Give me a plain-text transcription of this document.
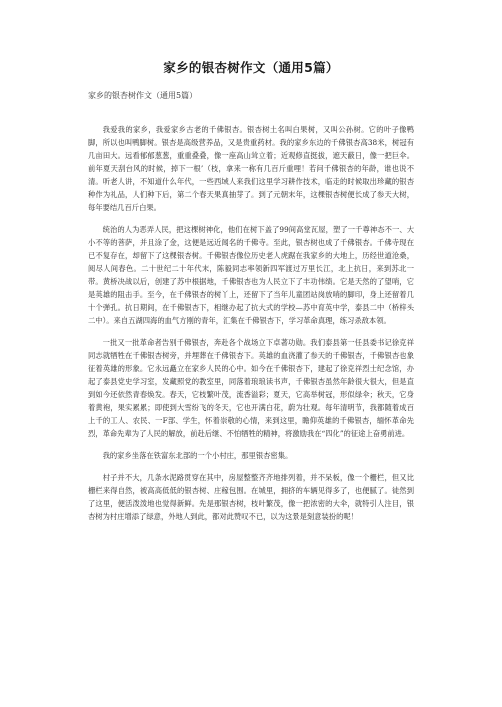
家乡的银杏树作文（通用5篇）
家乡的银杏树作文（通用5篇）

我爱我的家乡，我爱家乡古老的千佛银杏。银杏树土名叫白果树，又叫公孙树。它的叶子像鸭脚，所以也叫鸭脚树。银杏是高级营养品，又是贵重药材。我的家乡东边的千佛银杏高38米，树冠有几亩田大。远看郁郁葱葱，重重叠叠，像一座高山耸立着；近观修直挺拔，遮天蔽日，像一把巨伞。前年夏天刮台风的时候，掉下一根’（枝，拿来一称有几百斤重哩！若问千佛银杏的年龄，谁也说不清。听老人讲，不知道什么年代，一些西域人来我们这里学习耕作技术，临走的时候取出珍藏的银杏种作为礼品，人们种下后，第二个春天果真抽芽了。到了元朝末年，这棵银杏树便长成了参天大树，每年要结几百斤白果。

统治的人为恶弄人民，把这棵树神化，他们在树下盖了99间高堂瓦屋，塑了一千尊神态不一、大小不等的菩萨，并且涂了金，这便是远近闻名的千佛寺。至此，银杏树也成了千佛银杏。千佛寺现在已不复存在，却留下了这棵银杏树。千佛银杏像位历史老人虎踞在我家乡的大地上，历经世道沧桑，阅尽人间春色。二十世纪二十年代末，陈毅同志率领新四军渡过万里长江，北上抗日，来到苏北一带。黄桥决战以后，创建了苏中根据地，千佛银杏也为人民立下了丰功伟绩。它是天然的了望哨，它是英雄的阻击手。至今，在千佛银杏的树丫上，还留下了当年儿童团站岗放哨的脚印，身上还留着几十个弹孔。抗日期间，在千佛银杏下，相继办起了抗大式的学校—苏中育英中学，泰县二中（桥梓头二中）。来自五湖四海的血气方刚的青年，汇集在千佛银杏下，学习革命真理，练习杀敌本领。

一批又一批革命者告别千佛银杏，奔赴各个战场立下卓著功勋。我们泰县第一任县委书记徐克祥同志就牺牲在千佛银杏树旁，并埋葬在千佛银杏下。英雄的血浇灌了参天的千佛银杏，千佛银杏也象征着英雄的形象。它永远矗立在家乡人民的心中。如今在千佛银杏下，建起了徐克祥烈士纪念馆，办起了泰县党史学习室，发藏照党的教室里，同落着琅琅读书声，千佛银杏虽然年龄很大很大，但是直到如今还依然青春焕发。春天，它枝繁叶茂，流香溢彩；夏天，它高举树冠，形似绿伞；秋天，它身着黄袍，果实累累；即使到大雪纷飞的冬天，它也开满白花，蔚为壮观。每年清明节，我都随着成百上千的工人、农民、一F部、学生，怀着崇敬的心情，来到这里，瞻仰英雄的千佛银杏，缅怀革命先烈，革命先辈为了人民的解放，前赴后继、不怕牺牲的精神，将激励我在“四化”的征途上奋勇前进。

我的家乡坐落在铁富东北部的一个小村庄，那里银杏密集。

村子并不大，几条水泥路贯穿在其中，房屋整整齐齐地排列着，并不呆板，像一个栅栏，但又比栅栏来得自然，被高高低低的银杏树、庄稼包围。在城里，拥挤的车辆见得多了，也便腻了。徒然到了这里，便活泼泼地也觉得新鲜。先是那银杏树，枝叶繁茂，像一把浓密的大伞，就特引人注目，银杏树为村庄增添了绿意，外地人到此，都对此赞叹不已，以为这景是刻意装扮的呢！
